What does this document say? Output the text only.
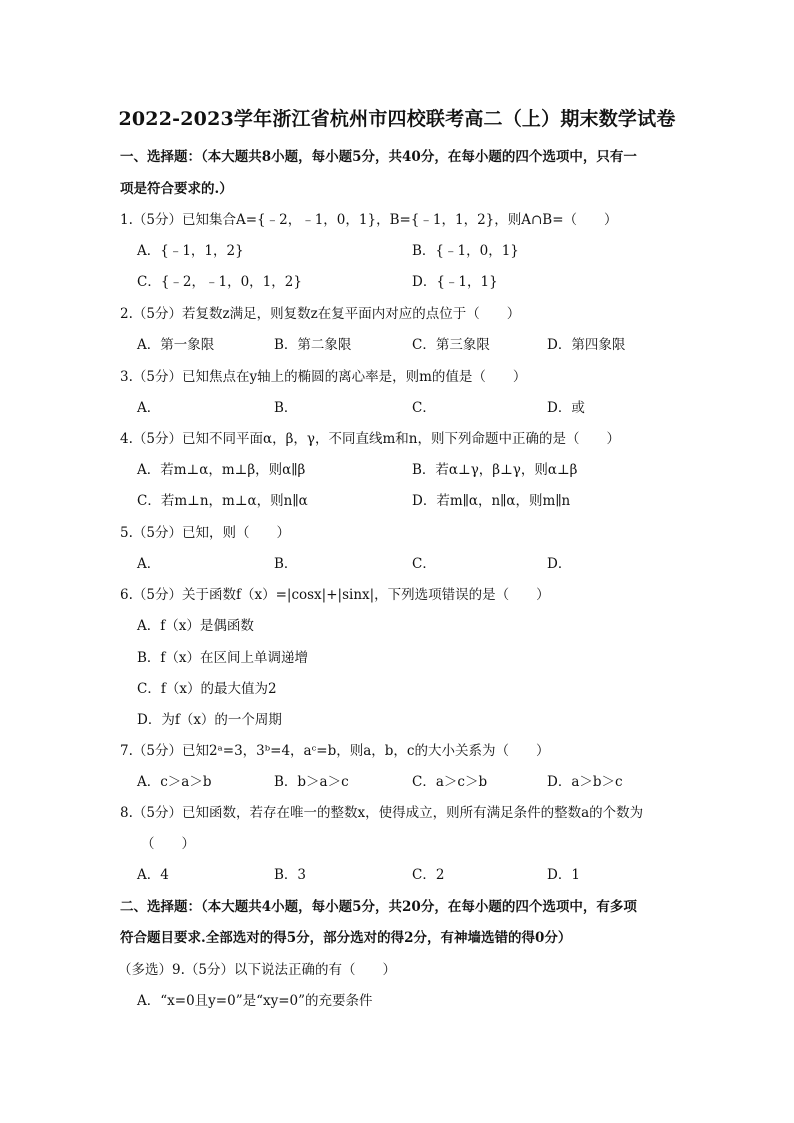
2022-2023学年浙江省杭州市四校联考高二（上）期末数学试卷
一、选择题：（本大题共8小题，每小题5分，共40分，在每小题的四个选项中，只有一
项是符合要求的.）
1.（5分）已知集合A={﹣2，﹣1，0，1}，B={﹣1，1，2}，则A∩B=（　　）
A．{﹣1，1，2}	B．{﹣1，0，1}
C．{﹣2，﹣1，0，1，2}	D．{﹣1，1}
2.（5分）若复数z满足，则复数z在复平面内对应的点位于（　　）
A．第一象限	B．第二象限	C．第三象限	D．第四象限
3.（5分）已知焦点在y轴上的椭圆的离心率是，则m的值是（　　）
A．	B．	C．	D．或
4.（5分）已知不同平面α，β，γ，不同直线m和n，则下列命题中正确的是（　　）
A．若m⊥α，m⊥β，则α∥β	B．若α⊥γ，β⊥γ，则α⊥β
C．若m⊥n，m⊥α，则n∥α	D．若m∥α，n∥α，则m∥n
5.（5分）已知，则（　　）
A．	B．	C．	D．
6.（5分）关于函数f（x）=|cosx|+|sinx|，下列选项错误的是（　　）
A．f（x）是偶函数
B．f（x）在区间上单调递增
C．f（x）的最大值为2
D．为f（x）的一个周期
7.（5分）已知2ᵃ=3，3ᵇ=4，aᶜ=b，则a，b，c的大小关系为（　　）
A．c＞a＞b	B．b＞a＞c	C．a＞c＞b	D．a＞b＞c
8.（5分）已知函数，若存在唯一的整数x，使得成立，则所有满足条件的整数a的个数为
（　　）
A．4	B．3	C．2	D．1
二、选择题：（本大题共4小题，每小题5分，共20分，在每小题的四个选项中，有多项
符合题目要求.全部选对的得5分，部分选对的得2分，有神墙选错的得0分）
（多选）9.（5分）以下说法正确的有（　　）
A．“x=0且y=0”是“xy=0”的充要条件
